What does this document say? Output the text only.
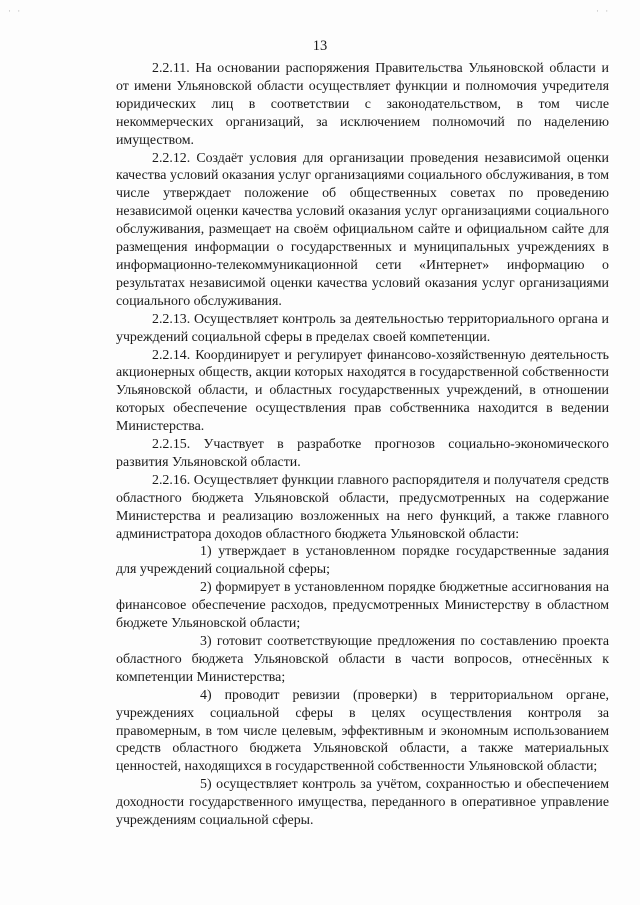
· ·	· ·
13

2.2.11. На основании распоряжения Правительства Ульяновской области и от имени Ульяновской области осуществляет функции и полномочия учредителя юридических лиц в соответствии с законодательством, в том числе некоммерческих организаций, за исключением полномочий по наделению имуществом.

2.2.12. Создаёт условия для организации проведения независимой оценки качества условий оказания услуг организациями социального обслуживания, в том числе утверждает положение об общественных советах по проведению независимой оценки качества условий оказания услуг организациями социального обслуживания, размещает на своём официальном сайте и официальном сайте для размещения информации о государственных и муниципальных учреждениях в информационно-телекоммуникационной сети «Интернет» информацию о результатах независимой оценки качества условий оказания услуг организациями социального обслуживания.

2.2.13. Осуществляет контроль за деятельностью территориального органа и учреждений социальной сферы в пределах своей компетенции.

2.2.14. Координирует и регулирует финансово-хозяйственную деятельность акционерных обществ, акции которых находятся в государственной собственности Ульяновской области, и областных государственных учреждений, в отношении которых обеспечение осуществления прав собственника находится в ведении Министерства.

2.2.15. Участвует в разработке прогнозов социально-экономического развития Ульяновской области.

2.2.16. Осуществляет функции главного распорядителя и получателя средств областного бюджета Ульяновской области, предусмотренных на содержание Министерства и реализацию возложенных на него функций, а также главного администратора доходов областного бюджета Ульяновской области:

1) утверждает в установленном порядке государственные задания для учреждений социальной сферы;

2) формирует в установленном порядке бюджетные ассигнования на финансовое обеспечение расходов, предусмотренных Министерству в областном бюджете Ульяновской области;

3) готовит соответствующие предложения по составлению проекта областного бюджета Ульяновской области в части вопросов, отнесённых к компетенции Министерства;

4) проводит ревизии (проверки) в территориальном органе, учреждениях социальной сферы в целях осуществления контроля за правомерным, в том числе целевым, эффективным и экономным использованием средств областного бюджета Ульяновской области, а также материальных ценностей, находящихся в государственной собственности Ульяновской области;

5) осуществляет контроль за учётом, сохранностью и обеспечением доходности государственного имущества, переданного в оперативное управление учреждениям социальной сферы.
